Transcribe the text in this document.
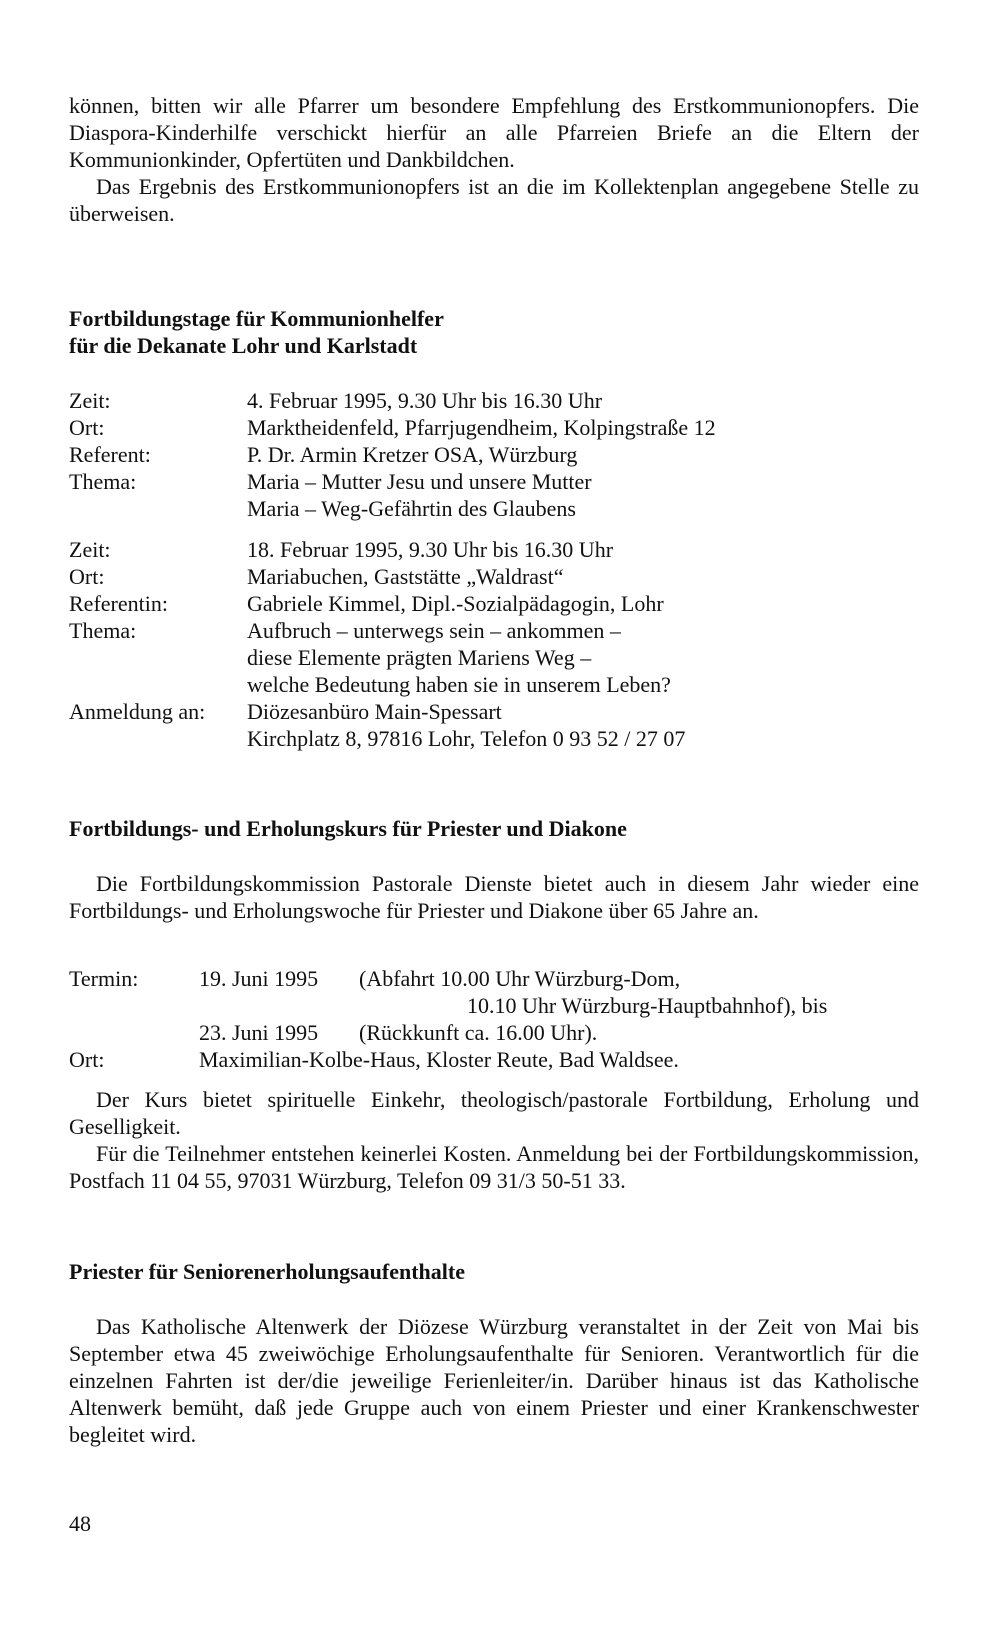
können, bitten wir alle Pfarrer um besondere Empfehlung des Erstkommunionopfers. Die Diaspora-Kinderhilfe verschickt hierfür an alle Pfarreien Briefe an die Eltern der Kommunionkinder, Opfertüten und Dankbildchen.

Das Ergebnis des Erstkommunionopfers ist an die im Kollektenplan angegebene Stelle zu überweisen.

Fortbildungstage für Kommunionhelfer
für die Dekanate Lohr und Karlstadt
Zeit:	4. Februar 1995, 9.30 Uhr bis 16.30 Uhr
Ort:	Marktheidenfeld, Pfarrjugendheim, Kolpingstraße 12
Referent:	P. Dr. Armin Kretzer OSA, Würzburg
Thema:	Maria – Mutter Jesu und unsere Mutter
Maria – Weg-Gefährtin des Glaubens
Zeit:	18. Februar 1995, 9.30 Uhr bis 16.30 Uhr
Ort:	Mariabuchen, Gaststätte „Waldrast“
Referentin:	Gabriele Kimmel, Dipl.-Sozialpädagogin, Lohr
Thema:	Aufbruch – unterwegs sein – ankommen –
diese Elemente prägten Mariens Weg –
welche Bedeutung haben sie in unserem Leben?
Anmeldung an: Diözesanbüro Main-Spessart
Kirchplatz 8, 97816 Lohr, Telefon 0 93 52 / 27 07
Fortbildungs- und Erholungskurs für Priester und Diakone

Die Fortbildungskommission Pastorale Dienste bietet auch in diesem Jahr wieder eine Fortbildungs- und Erholungswoche für Priester und Diakone über 65 Jahre an.

Termin:	19. Juni 1995 (Abfahrt 10.00 Uhr Würzburg-Dom,
10.10 Uhr Würzburg-Hauptbahnhof), bis
23. Juni 1995 (Rückkunft ca. 16.00 Uhr).
Ort:	Maximilian-Kolbe-Haus, Kloster Reute, Bad Waldsee.

Der Kurs bietet spirituelle Einkehr, theologisch/pastorale Fortbildung, Erholung und Geselligkeit.

Für die Teilnehmer entstehen keinerlei Kosten. Anmeldung bei der Fortbildungskommission, Postfach 11 04 55, 97031 Würzburg, Telefon 09 31/3 50-51 33.

Priester für Seniorenerholungsaufenthalte

Das Katholische Altenwerk der Diözese Würzburg veranstaltet in der Zeit von Mai bis September etwa 45 zweiwöchige Erholungsaufenthalte für Senioren. Verantwortlich für die einzelnen Fahrten ist der/die jeweilige Ferienleiter/in. Darüber hinaus ist das Katholische Altenwerk bemüht, daß jede Gruppe auch von einem Priester und einer Krankenschwester begleitet wird.

48
